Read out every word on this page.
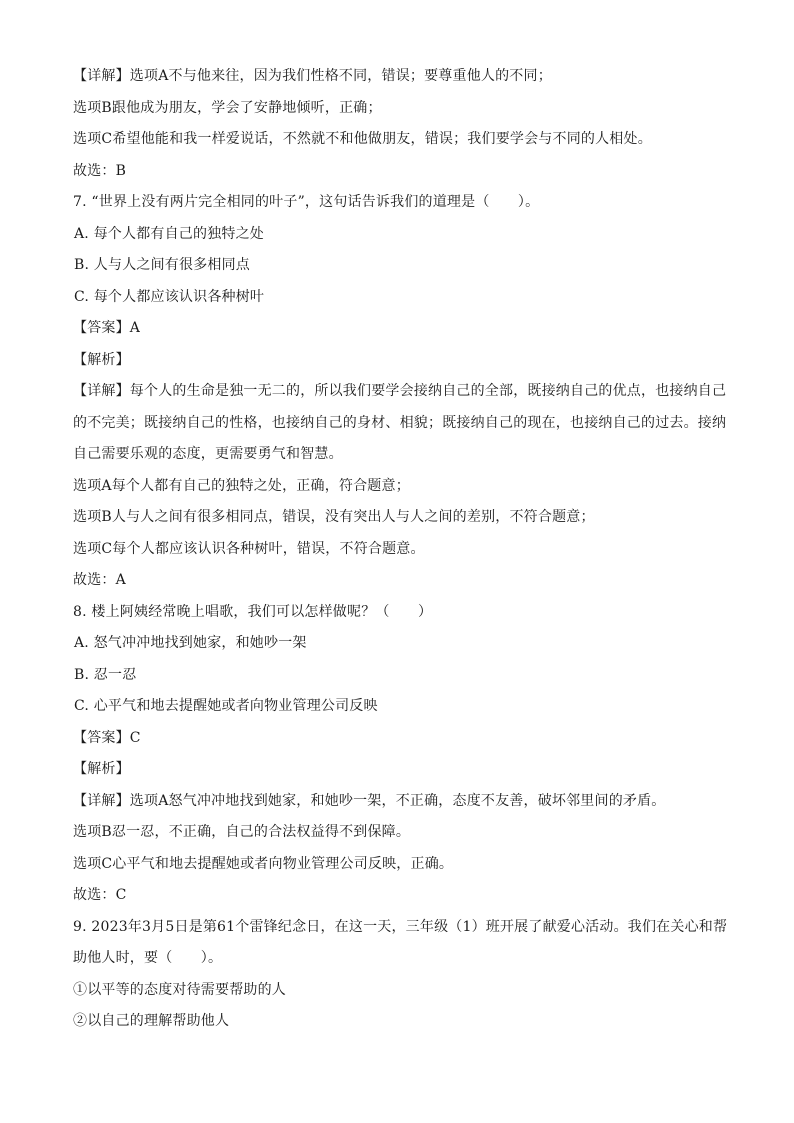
【详解】选项A不与他来往，因为我们性格不同，错误；要尊重他人的不同；
选项B跟他成为朋友，学会了安静地倾听，正确；
选项C希望他能和我一样爱说话，不然就不和他做朋友，错误；我们要学会与不同的人相处。
故选：B
7. “世界上没有两片完全相同的叶子”，这句话告诉我们的道理是（　　）。
A. 每个人都有自己的独特之处
B. 人与人之间有很多相同点
C. 每个人都应该认识各种树叶
【答案】A
【解析】
【详解】每个人的生命是独一无二的，所以我们要学会接纳自己的全部，既接纳自己的优点，也接纳自己
的不完美；既接纳自己的性格，也接纳自己的身材、相貌；既接纳自己的现在，也接纳自己的过去。接纳
自己需要乐观的态度，更需要勇气和智慧。
选项A每个人都有自己的独特之处，正确，符合题意；
选项B人与人之间有很多相同点，错误，没有突出人与人之间的差别，不符合题意；
选项C每个人都应该认识各种树叶，错误，不符合题意。
故选：A
8. 楼上阿姨经常晚上唱歌，我们可以怎样做呢？（　　）
A. 怒气冲冲地找到她家，和她吵一架
B. 忍一忍
C. 心平气和地去提醒她或者向物业管理公司反映
【答案】C
【解析】
【详解】选项A怒气冲冲地找到她家，和她吵一架，不正确，态度不友善，破坏邻里间的矛盾。
选项B忍一忍，不正确，自己的合法权益得不到保障。
选项C心平气和地去提醒她或者向物业管理公司反映，正确。
故选：C
9. 2023年3月5日是第61个雷锋纪念日，在这一天，三年级（1）班开展了献爱心活动。我们在关心和帮
助他人时，要（　　）。
①以平等的态度对待需要帮助的人
②以自己的理解帮助他人
